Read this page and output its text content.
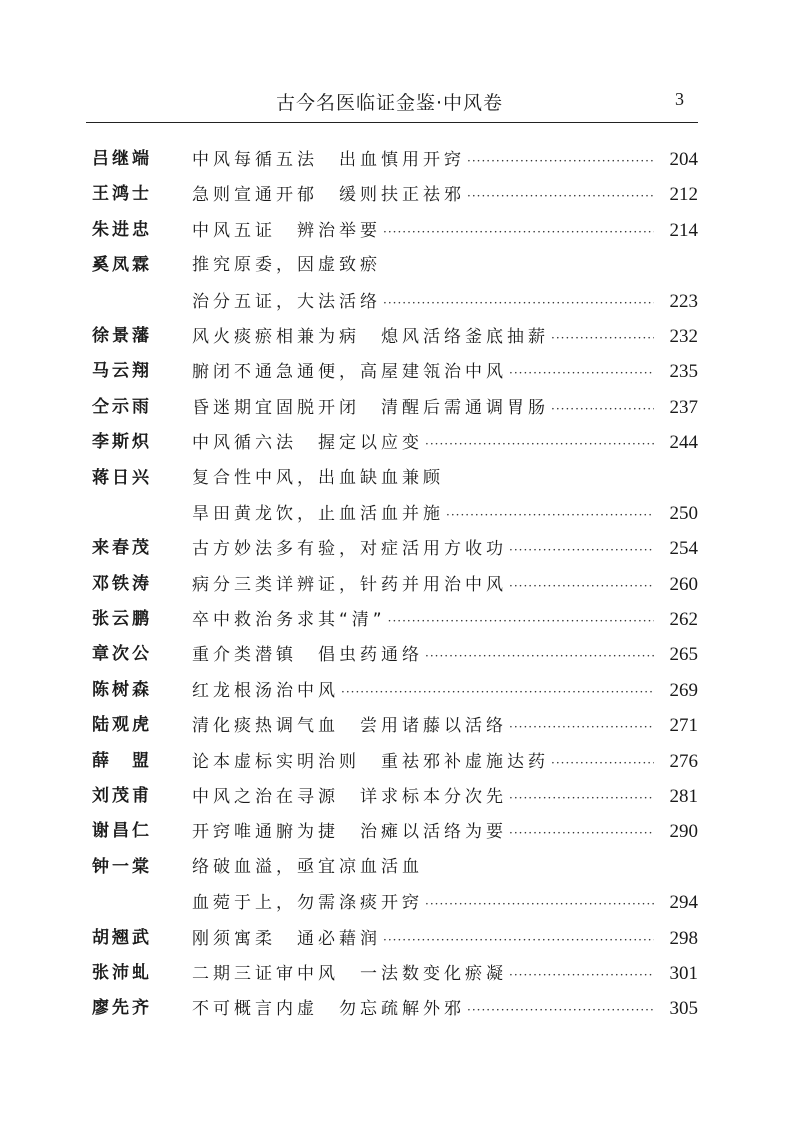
古今名医临证金鉴·中风卷	3
吕继端	中风每循五法　出血慎用开窍 ·····	204
王鸿士	急则宣通开郁　缓则扶正祛邪 ·····	212
朱进忠	中风五证　辨治举要 ·····	214
奚凤霖	推究原委，因虚致瘀
治分五证，大法活络 ·····	223
徐景藩	风火痰瘀相兼为病　熄风活络釜底抽薪 ·····	232
马云翔	腑闭不通急通便，高屋建瓴治中风 ·····	235
仝示雨	昏迷期宜固脱开闭　清醒后需通调胃肠 ·····	237
李斯炽	中风循六法　握定以应变 ·····	244
蒋日兴	复合性中风，出血缺血兼顾
旱田黄龙饮，止血活血并施 ·····	250
来春茂	古方妙法多有验，对症活用方收功 ·····	254
邓铁涛	病分三类详辨证，针药并用治中风 ·····	260
张云鹏	卒中救治务求其“清” ·····	262
章次公	重介类潜镇　倡虫药通络 ·····	265
陈树森	红龙根汤治中风 ·····	269
陆观虎	清化痰热调气血　尝用诸藤以活络 ·····	271
薛　盟	论本虚标实明治则　重祛邪补虚施达药 ·····	276
刘茂甫	中风之治在寻源　详求标本分次先 ·····	281
谢昌仁	开窍唯通腑为捷　治瘫以活络为要 ·····	290
钟一棠	络破血溢，亟宜凉血活血
血菀于上，勿需涤痰开窍 ·····	294
胡翘武	刚须寓柔　通必藉润 ·····	298
张沛虬	二期三证审中风　一法数变化瘀凝 ·····	301
廖先齐	不可概言内虚　勿忘疏解外邪 ·····	305
